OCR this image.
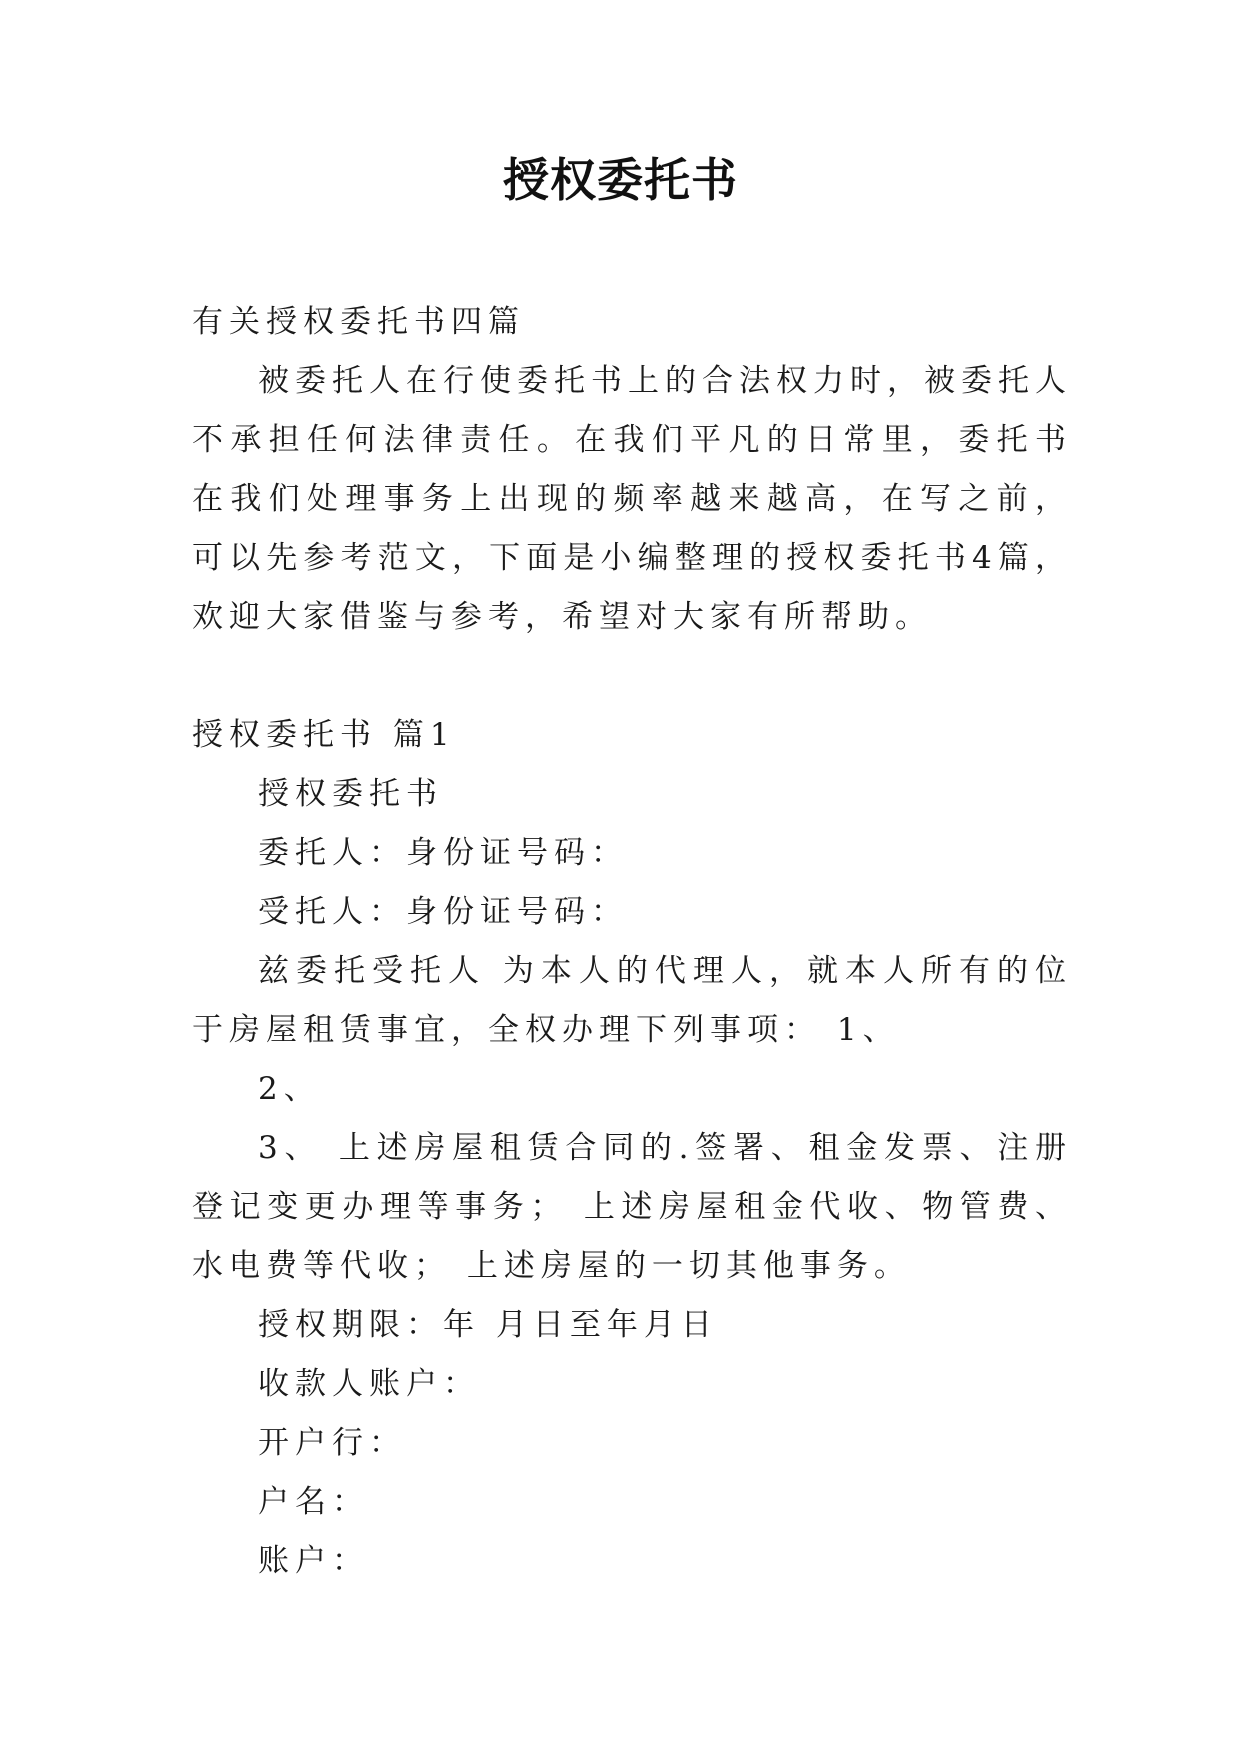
授权委托书

有关授权委托书四篇

被委托人在行使委托书上的合法权力时，被委托人不承担任何法律责任。在我们平凡的日常里，委托书在我们处理事务上出现的频率越来越高，在写之前，可以先参考范文，下面是小编整理的授权委托书4篇，欢迎大家借鉴与参考，希望对大家有所帮助。

授权委托书 篇1

授权委托书

委托人：身份证号码：

受托人：身份证号码：

兹委托受托人 为本人的代理人，就本人所有的位于房屋租赁事宜，全权办理下列事项： 1、

2、

3、 上述房屋租赁合同的.签署、租金发票、注册登记变更办理等事务； 上述房屋租金代收、物管费、水电费等代收； 上述房屋的一切其他事务。

授权期限：年 月日至年月日

收款人账户：

开户行：

户名：

账户：
